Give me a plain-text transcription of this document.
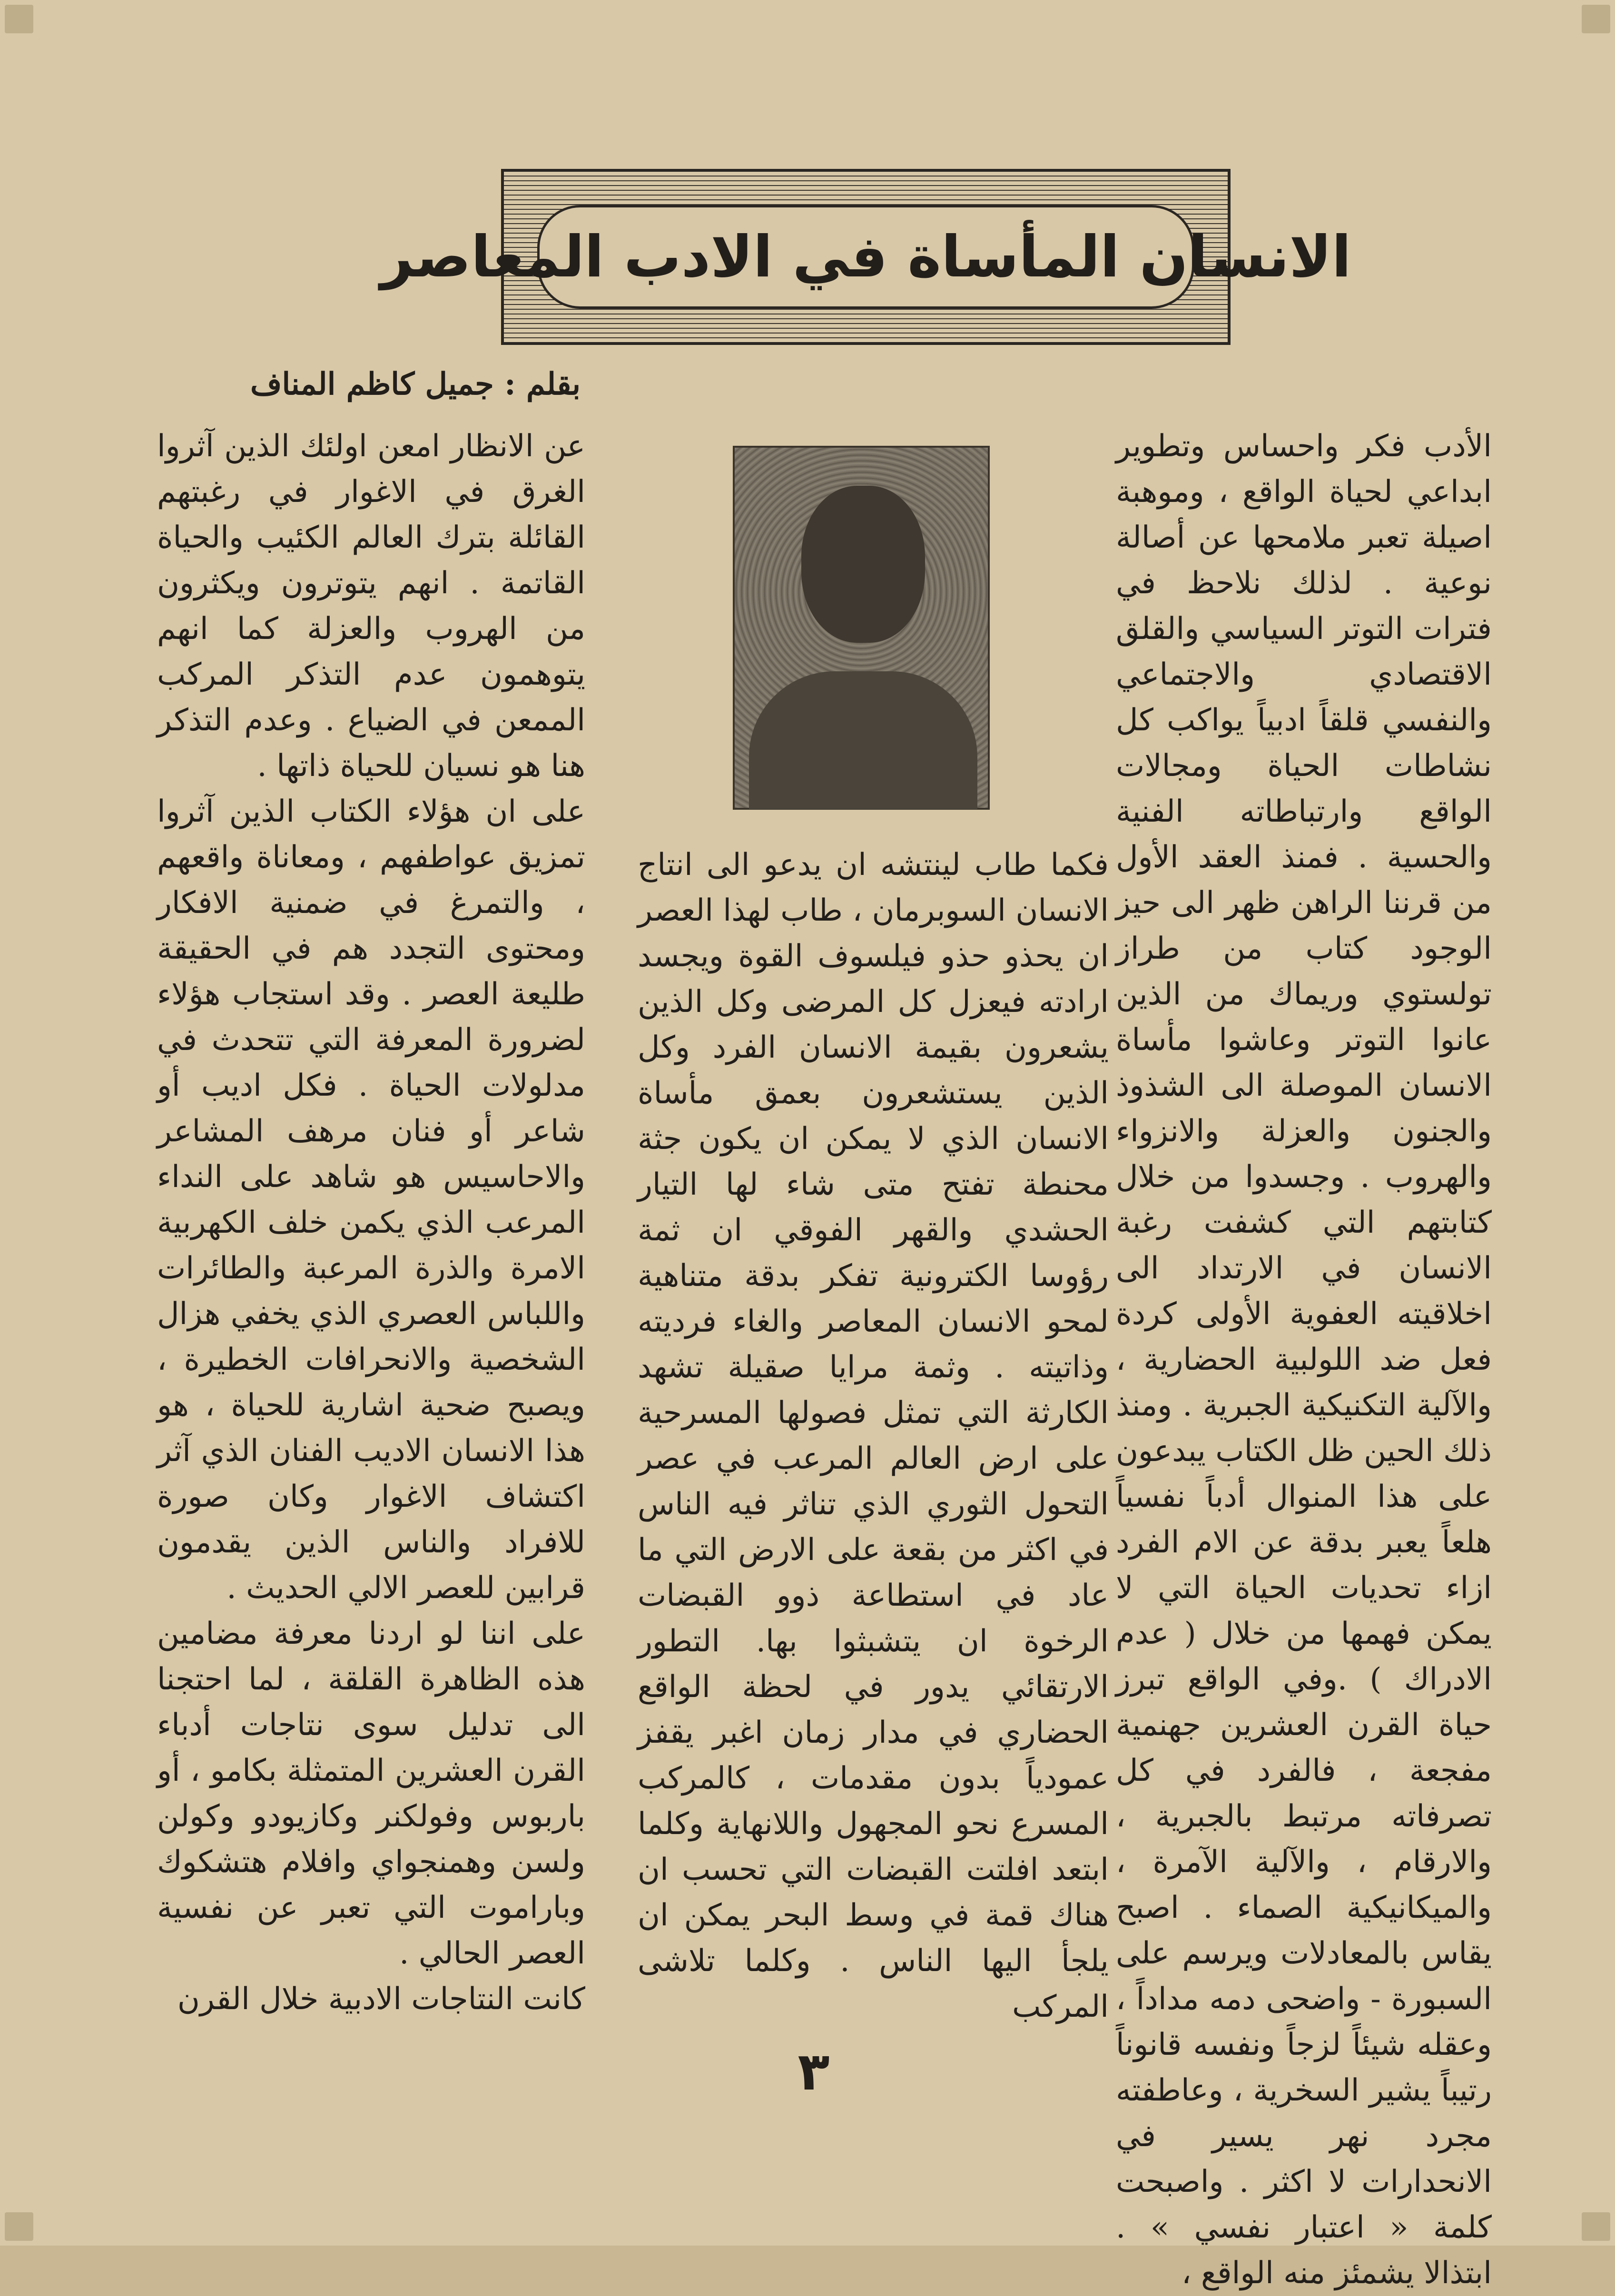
الانسان المأساة في الادب المعاصر
بقلم : جميل كاظم المناف

الأدب فكر واحساس وتطوير ابداعي لحياة الواقع ، وموهبة اصيلة تعبر ملامحها عن أصالة نوعية . لذلك نلاحظ في فترات التوتر السياسي والقلق الاقتصادي والاجتماعي والنفسي قلقاً ادبياً يواكب كل نشاطات الحياة ومجالات الواقع وارتباطاته الفنية والحسية . فمنذ العقد الأول من قرننا الراهن ظهر الى حيز الوجود كتاب من طراز تولستوي وريماك من الذين عانوا التوتر وعاشوا مأساة الانسان الموصلة الى الشذوذ والجنون والعزلة والانزواء والهروب . وجسدوا من خلال كتابتهم التي كشفت رغبة الانسان في الارتداد الى اخلاقيته العفوية الأولى كردة فعل ضد اللولبية الحضارية ، والآلية التكنيكية الجبرية . ومنذ ذلك الحين ظل الكتاب يبدعون على هذا المنوال أدباً نفسياً هلعاً يعبر بدقة عن الام الفرد ازاء تحديات الحياة التي لا يمكن فهمها من خلال ( عدم الادراك ) .وفي الواقع تبرز حياة القرن العشرين جهنمية مفجعة ، فالفرد في كل تصرفاته مرتبط بالجبرية ، والارقام ، والآلية الآمرة ، والميكانيكية الصماء . اصبح يقاس بالمعادلات ويرسم على السبورة - واضحى دمه مداداً ، وعقله شيئاً لزجاً ونفسه قانوناً رتيباً يشير السخرية ، وعاطفته مجرد نهر يسير في الانحدارات لا اكثر . واصبحت كلمة « اعتبار نفسي » . ابتذالا يشمئز منه الواقع ،

فكما طاب لينتشه ان يدعو الى انتاج الانسان السوبرمان ، طاب لهذا العصر ان يحذو حذو فيلسوف القوة ويجسد ارادته فيعزل كل المرضى وكل الذين يشعرون بقيمة الانسان الفرد وكل الذين يستشعرون بعمق مأساة الانسان الذي لا يمكن ان يكون جثة محنطة تفتح متى شاء لها التيار الحشدي والقهر الفوقي ان ثمة رؤوسا الكترونية تفكر بدقة متناهية لمحو الانسان المعاصر والغاء فرديته وذاتيته . وثمة مرايا صقيلة تشهد الكارثة التي تمثل فصولها المسرحية على ارض العالم المرعب في عصر التحول الثوري الذي تناثر فيه الناس في اكثر من بقعة على الارض التي ما عاد في استطاعة ذوو القبضات الرخوة ان يتشبثوا بها. التطور الارتقائي يدور في لحظة الواقع الحضاري في مدار زمان اغبر يقفز عمودياً بدون مقدمات ، كالمركب المسرع نحو المجهول واللانهاية وكلما ابتعد افلتت القبضات التي تحسب ان هناك قمة في وسط البحر يمكن ان يلجأ اليها الناس . وكلما تلاشى المركب

عن الانظار امعن اولئك الذين آثروا الغرق في الاغوار في رغبتهم القائلة بترك العالم الكئيب والحياة القاتمة . انهم يتوترون ويكثرون من الهروب والعزلة كما انهم يتوهمون عدم التذكر المركب الممعن في الضياع . وعدم التذكر هنا هو نسيان للحياة ذاتها .

على ان هؤلاء الكتاب الذين آثروا تمزيق عواطفهم ، ومعاناة واقعهم ، والتمرغ في ضمنية الافكار ومحتوى التجدد هم في الحقيقة طليعة العصر . وقد استجاب هؤلاء لضرورة المعرفة التي تتحدث في مدلولات الحياة . فكل اديب أو شاعر أو فنان مرهف المشاعر والاحاسيس هو شاهد على النداء المرعب الذي يكمن خلف الكهربية الامرة والذرة المرعبة والطائرات واللباس العصري الذي يخفي هزال الشخصية والانحرافات الخطيرة ، ويصبح ضحية اشارية للحياة ، هو هذا الانسان الاديب الفنان الذي آثر اكتشاف الاغوار وكان صورة للافراد والناس الذين يقدمون قرابين للعصر الالي الحديث .

على اننا لو اردنا معرفة مضامين هذه الظاهرة القلقة ، لما احتجنا الى تدليل سوى نتاجات أدباء القرن العشرين المتمثلة بكامو ، أو باربوس وفولكنر وكازيودو وكولن ولسن وهمنجواي وافلام هتشكوك وباراموت التي تعبر عن نفسية العصر الحالي .

كانت النتاجات الادبية خلال القرن

٣
